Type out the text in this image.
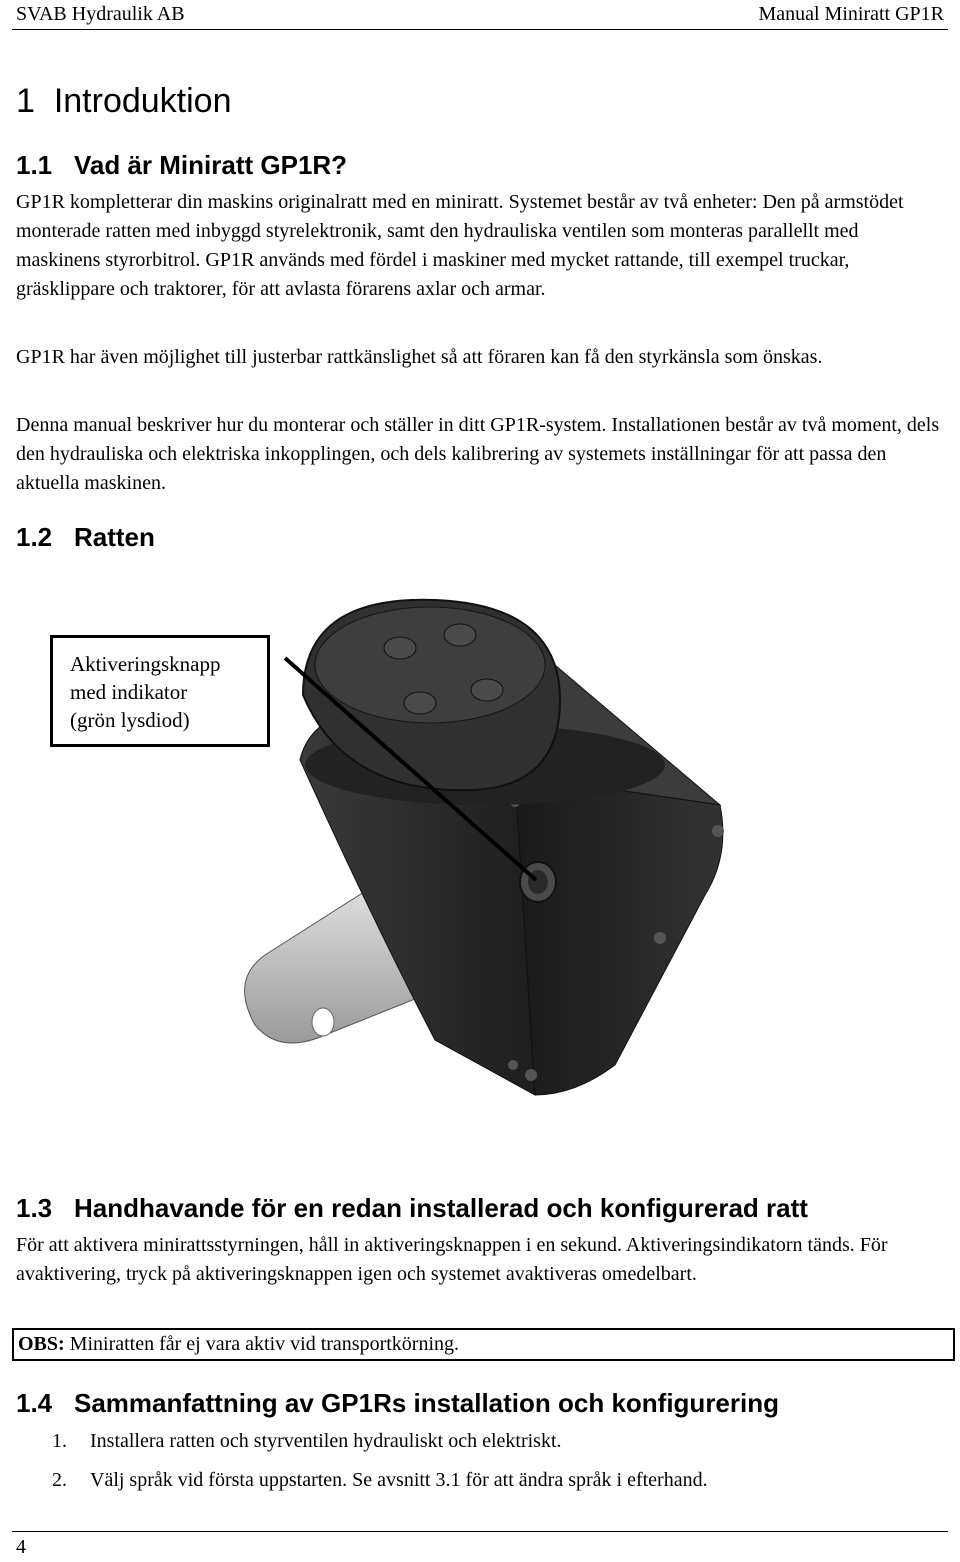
SVAB Hydraulik AB	Manual Miniratt GP1R
1 Introduktion
1.1 Vad är Miniratt GP1R?
GP1R kompletterar din maskins originalratt med en miniratt. Systemet består av två enheter: Den på armstödet monterade ratten med inbyggd styrelektronik, samt den hydrauliska ventilen som monteras parallellt med maskinens styrorbitrol. GP1R används med fördel i maskiner med mycket rattande, till exempel truckar, gräsklippare och traktorer, för att avlasta förarens axlar och armar.
GP1R har även möjlighet till justerbar rattkänslighet så att föraren kan få den styrkänsla som önskas.
Denna manual beskriver hur du monterar och ställer in ditt GP1R-system. Installationen består av två moment, dels den hydrauliska och elektriska inkopplingen, och dels kalibrering av systemets inställningar för att passa den aktuella maskinen.
1.2 Ratten
Aktiveringsknapp
med indikator
(grön lysdiod)
1.3 Handhavande för en redan installerad och konfigurerad ratt
För att aktivera minirattsstyrningen, håll in aktiveringsknappen i en sekund. Aktiveringsindikatorn tänds. För avaktivering, tryck på aktiveringsknappen igen och systemet avaktiveras omedelbart.
OBS: Miniratten får ej vara aktiv vid transportkörning.
1.4 Sammanfattning av GP1Rs installation och konfigurering
1. Installera ratten och styrventilen hydrauliskt och elektriskt.
2. Välj språk vid första uppstarten. Se avsnitt 3.1 för att ändra språk i efterhand.
4
